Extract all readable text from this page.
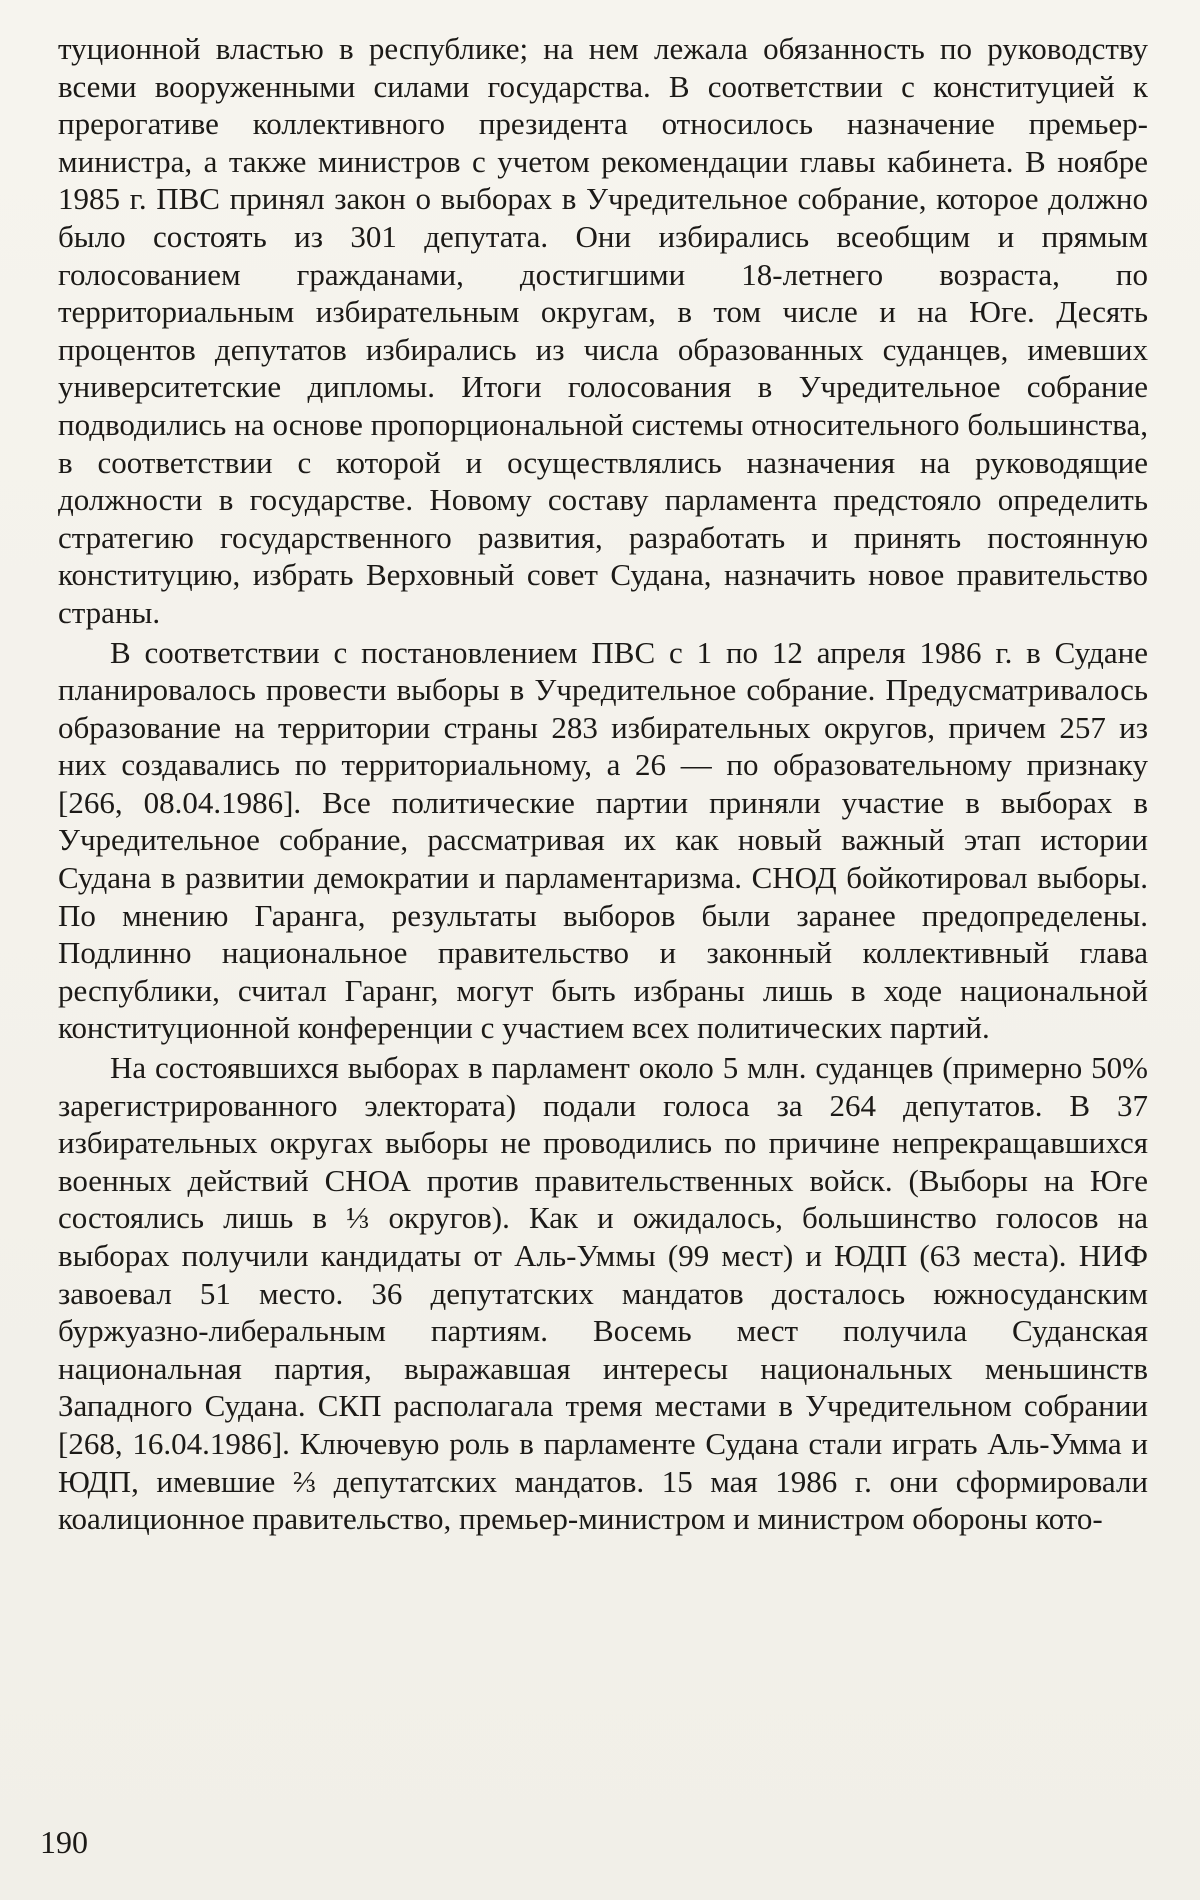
туционной властью в республике; на нем лежала обязанность по руководству всеми вооруженными силами государства. В соответствии с конституцией к прерогативе коллективного президента относилось назначение премьер-министра, а также министров с учетом рекомендации главы кабинета. В ноябре 1985 г. ПВС принял закон о выборах в Учредительное собрание, которое должно было состоять из 301 депутата. Они избирались всеобщим и прямым голосованием гражданами, достигшими 18-летнего возраста, по территориальным избирательным округам, в том числе и на Юге. Десять процентов депутатов избирались из числа образованных суданцев, имевших университетские дипломы. Итоги голосования в Учредительное собрание подводились на основе пропорциональной системы относительного большинства, в соответствии с которой и осуществлялись назначения на руководящие должности в государстве. Новому составу парламента предстояло определить стратегию государственного развития, разработать и принять постоянную конституцию, избрать Верховный совет Судана, назначить новое правительство страны.

В соответствии с постановлением ПВС с 1 по 12 апреля 1986 г. в Судане планировалось провести выборы в Учредительное собрание. Предусматривалось образование на территории страны 283 избирательных округов, причем 257 из них создавались по территориальному, а 26 — по образовательному признаку [266, 08.04.1986]. Все политические партии приняли участие в выборах в Учредительное собрание, рассматривая их как новый важный этап истории Судана в развитии демократии и парламентаризма. СНОД бойкотировал выборы. По мнению Гаранга, результаты выборов были заранее предопределены. Подлинно национальное правительство и законный коллективный глава республики, считал Гаранг, могут быть избраны лишь в ходе национальной конституционной конференции с участием всех политических партий.

На состоявшихся выборах в парламент около 5 млн. суданцев (примерно 50% зарегистрированного электората) подали голоса за 264 депутатов. В 37 избирательных округах выборы не проводились по причине непрекращавшихся военных действий СНОА против правительственных войск. (Выборы на Юге состоялись лишь в ⅓ округов). Как и ожидалось, большинство голосов на выборах получили кандидаты от Аль-Уммы (99 мест) и ЮДП (63 места). НИФ завоевал 51 место. 36 депутатских мандатов досталось южносуданским буржуазно-либеральным партиям. Восемь мест получила Суданская национальная партия, выражавшая интересы национальных меньшинств Западного Судана. СКП располагала тремя местами в Учредительном собрании [268, 16.04.1986]. Ключевую роль в парламенте Судана стали играть Аль-Умма и ЮДП, имевшие ⅔ депутатских мандатов. 15 мая 1986 г. они сформировали коалиционное правительство, премьер-министром и министром обороны кото-

190
